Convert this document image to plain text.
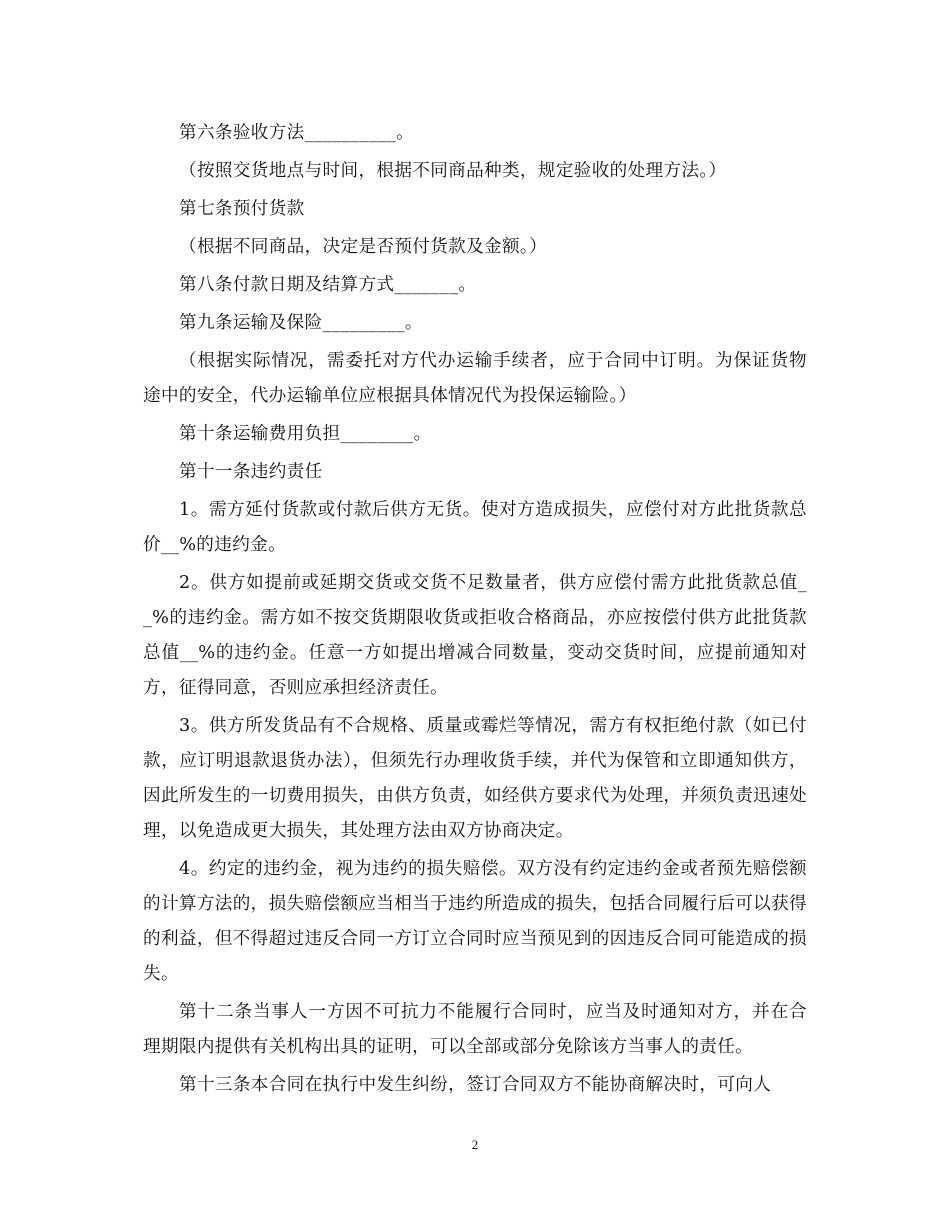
第六条验收方法__________。

（按照交货地点与时间，根据不同商品种类，规定验收的处理方法。）

第七条预付货款

（根据不同商品，决定是否预付货款及金额。）

第八条付款日期及结算方式_______。

第九条运输及保险_________。

（根据实际情况，需委托对方代办运输手续者，应于合同中订明。为保证货物途中的安全，代办运输单位应根据具体情况代为投保运输险。）

第十条运输费用负担________。

第十一条违约责任

1。需方延付货款或付款后供方无货。使对方造成损失，应偿付对方此批货款总价__%的违约金。

2。供方如提前或延期交货或交货不足数量者，供方应偿付需方此批货款总值__%的违约金。需方如不按交货期限收货或拒收合格商品，亦应按偿付供方此批货款总值__%的违约金。任意一方如提出增减合同数量，变动交货时间，应提前通知对方，征得同意，否则应承担经济责任。

3。供方所发货品有不合规格、质量或霉烂等情况，需方有权拒绝付款（如已付款，应订明退款退货办法），但须先行办理收货手续，并代为保管和立即通知供方，因此所发生的一切费用损失，由供方负责，如经供方要求代为处理，并须负责迅速处理，以免造成更大损失，其处理方法由双方协商决定。

4。约定的违约金，视为违约的损失赔偿。双方没有约定违约金或者预先赔偿额的计算方法的，损失赔偿额应当相当于违约所造成的损失，包括合同履行后可以获得的利益，但不得超过违反合同一方订立合同时应当预见到的因违反合同可能造成的损失。

第十二条当事人一方因不可抗力不能履行合同时，应当及时通知对方，并在合理期限内提供有关机构出具的证明，可以全部或部分免除该方当事人的责任。

第十三条本合同在执行中发生纠纷，签订合同双方不能协商解决时，可向人

2
